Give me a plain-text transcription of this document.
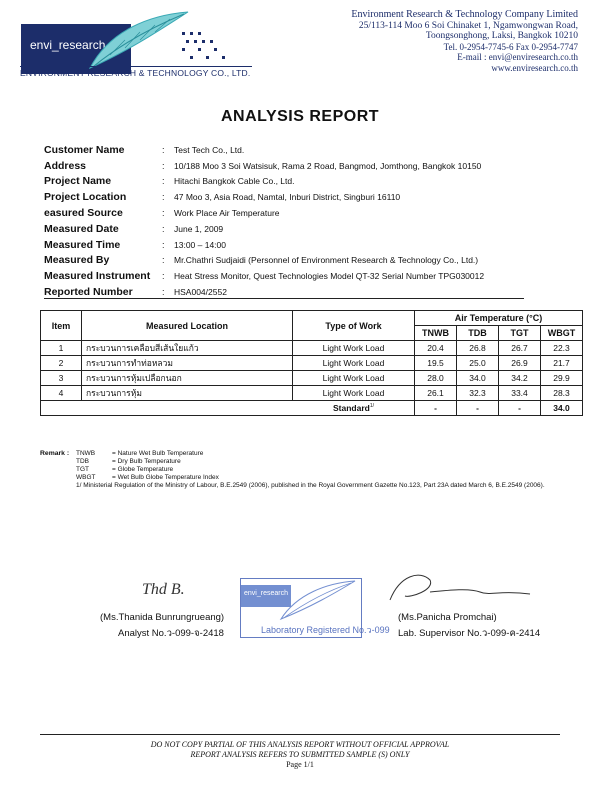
envi_research
ENVIRONMENT RESEARCH & TECHNOLOGY CO., LTD.
Environment Research & Technology Company Limited
25/113-114 Moo 6 Soi Chinaket 1, Ngamwongwan Road,
Toongsonghong, Laksi, Bangkok 10210
Tel. 0-2954-7745-6 Fax 0-2954-7747
E-mail : envi@enviresearch.co.th
www.enviresearch.co.th
ANALYSIS REPORT
Customer Name	:	Test Tech Co., Ltd.
Address	:	10/188 Moo 3 Soi Watsisuk, Rama 2 Road, Bangmod, Jomthong, Bangkok 10150
Project Name	:	Hitachi Bangkok Cable Co., Ltd.
Project Location	:	47 Moo 3, Asia Road, Namtal, Inburi District, Singburi 16110
easured Source	:	Work Place Air Temperature
Measured Date	:	June 1, 2009
Measured Time	:	13:00 – 14:00
Measured By	:	Mr.Chathri Sudjaidi (Personnel of Environment Research & Technology Co., Ltd.)
Measured Instrument	:	Heat Stress Monitor, Quest Technologies Model QT-32 Serial Number TPG030012
Reported Number	:	HSA004/2552
Item	Measured Location	Type of Work	Air Temperature (°C)			
			TNWB	TDB	TGT	WBGT
1	กระบวนการเคลือบสีเส้นใยแก้ว	Light Work Load	20.4	26.8	26.7	22.3
2	กระบวนการทำท่อหลวม	Light Work Load	19.5	25.0	26.9	21.7
3	กระบวนการหุ้มเปลือกนอก	Light Work Load	28.0	34.0	34.2	29.9
4	กระบวนการหุ้ม	Light Work Load	26.1	32.3	33.4	28.3
Standard$^{1/}$			-	-	-	34.0
Remark :	TNWB	= Nature Wet Bulb Temperature
TDB	= Dry Bulb Temperature
TGT	= Globe Temperature
WBGT	= Wet Bulb Globe Temperature Index
1/ Ministerial Regulation of the Ministry of Labour, B.E.2549 (2006), published in the Royal Government Gazette No.123, Part 23A dated March 6, B.E.2549 (2006).
Thd B.	envi_research
Laboratory Registered No.ว-099
(Ms.Thanida Bunrungrueang)	(Ms.Panicha Promchai)
Analyst No.ว-099-จ-2418	Lab. Supervisor No.ว-099-ค-2414
DO NOT COPY PARTIAL OF THIS ANALYSIS REPORT WITHOUT OFFICIAL APPROVAL
REPORT ANALYSIS REFERS TO SUBMITTED SAMPLE (S) ONLY
Page 1/1
